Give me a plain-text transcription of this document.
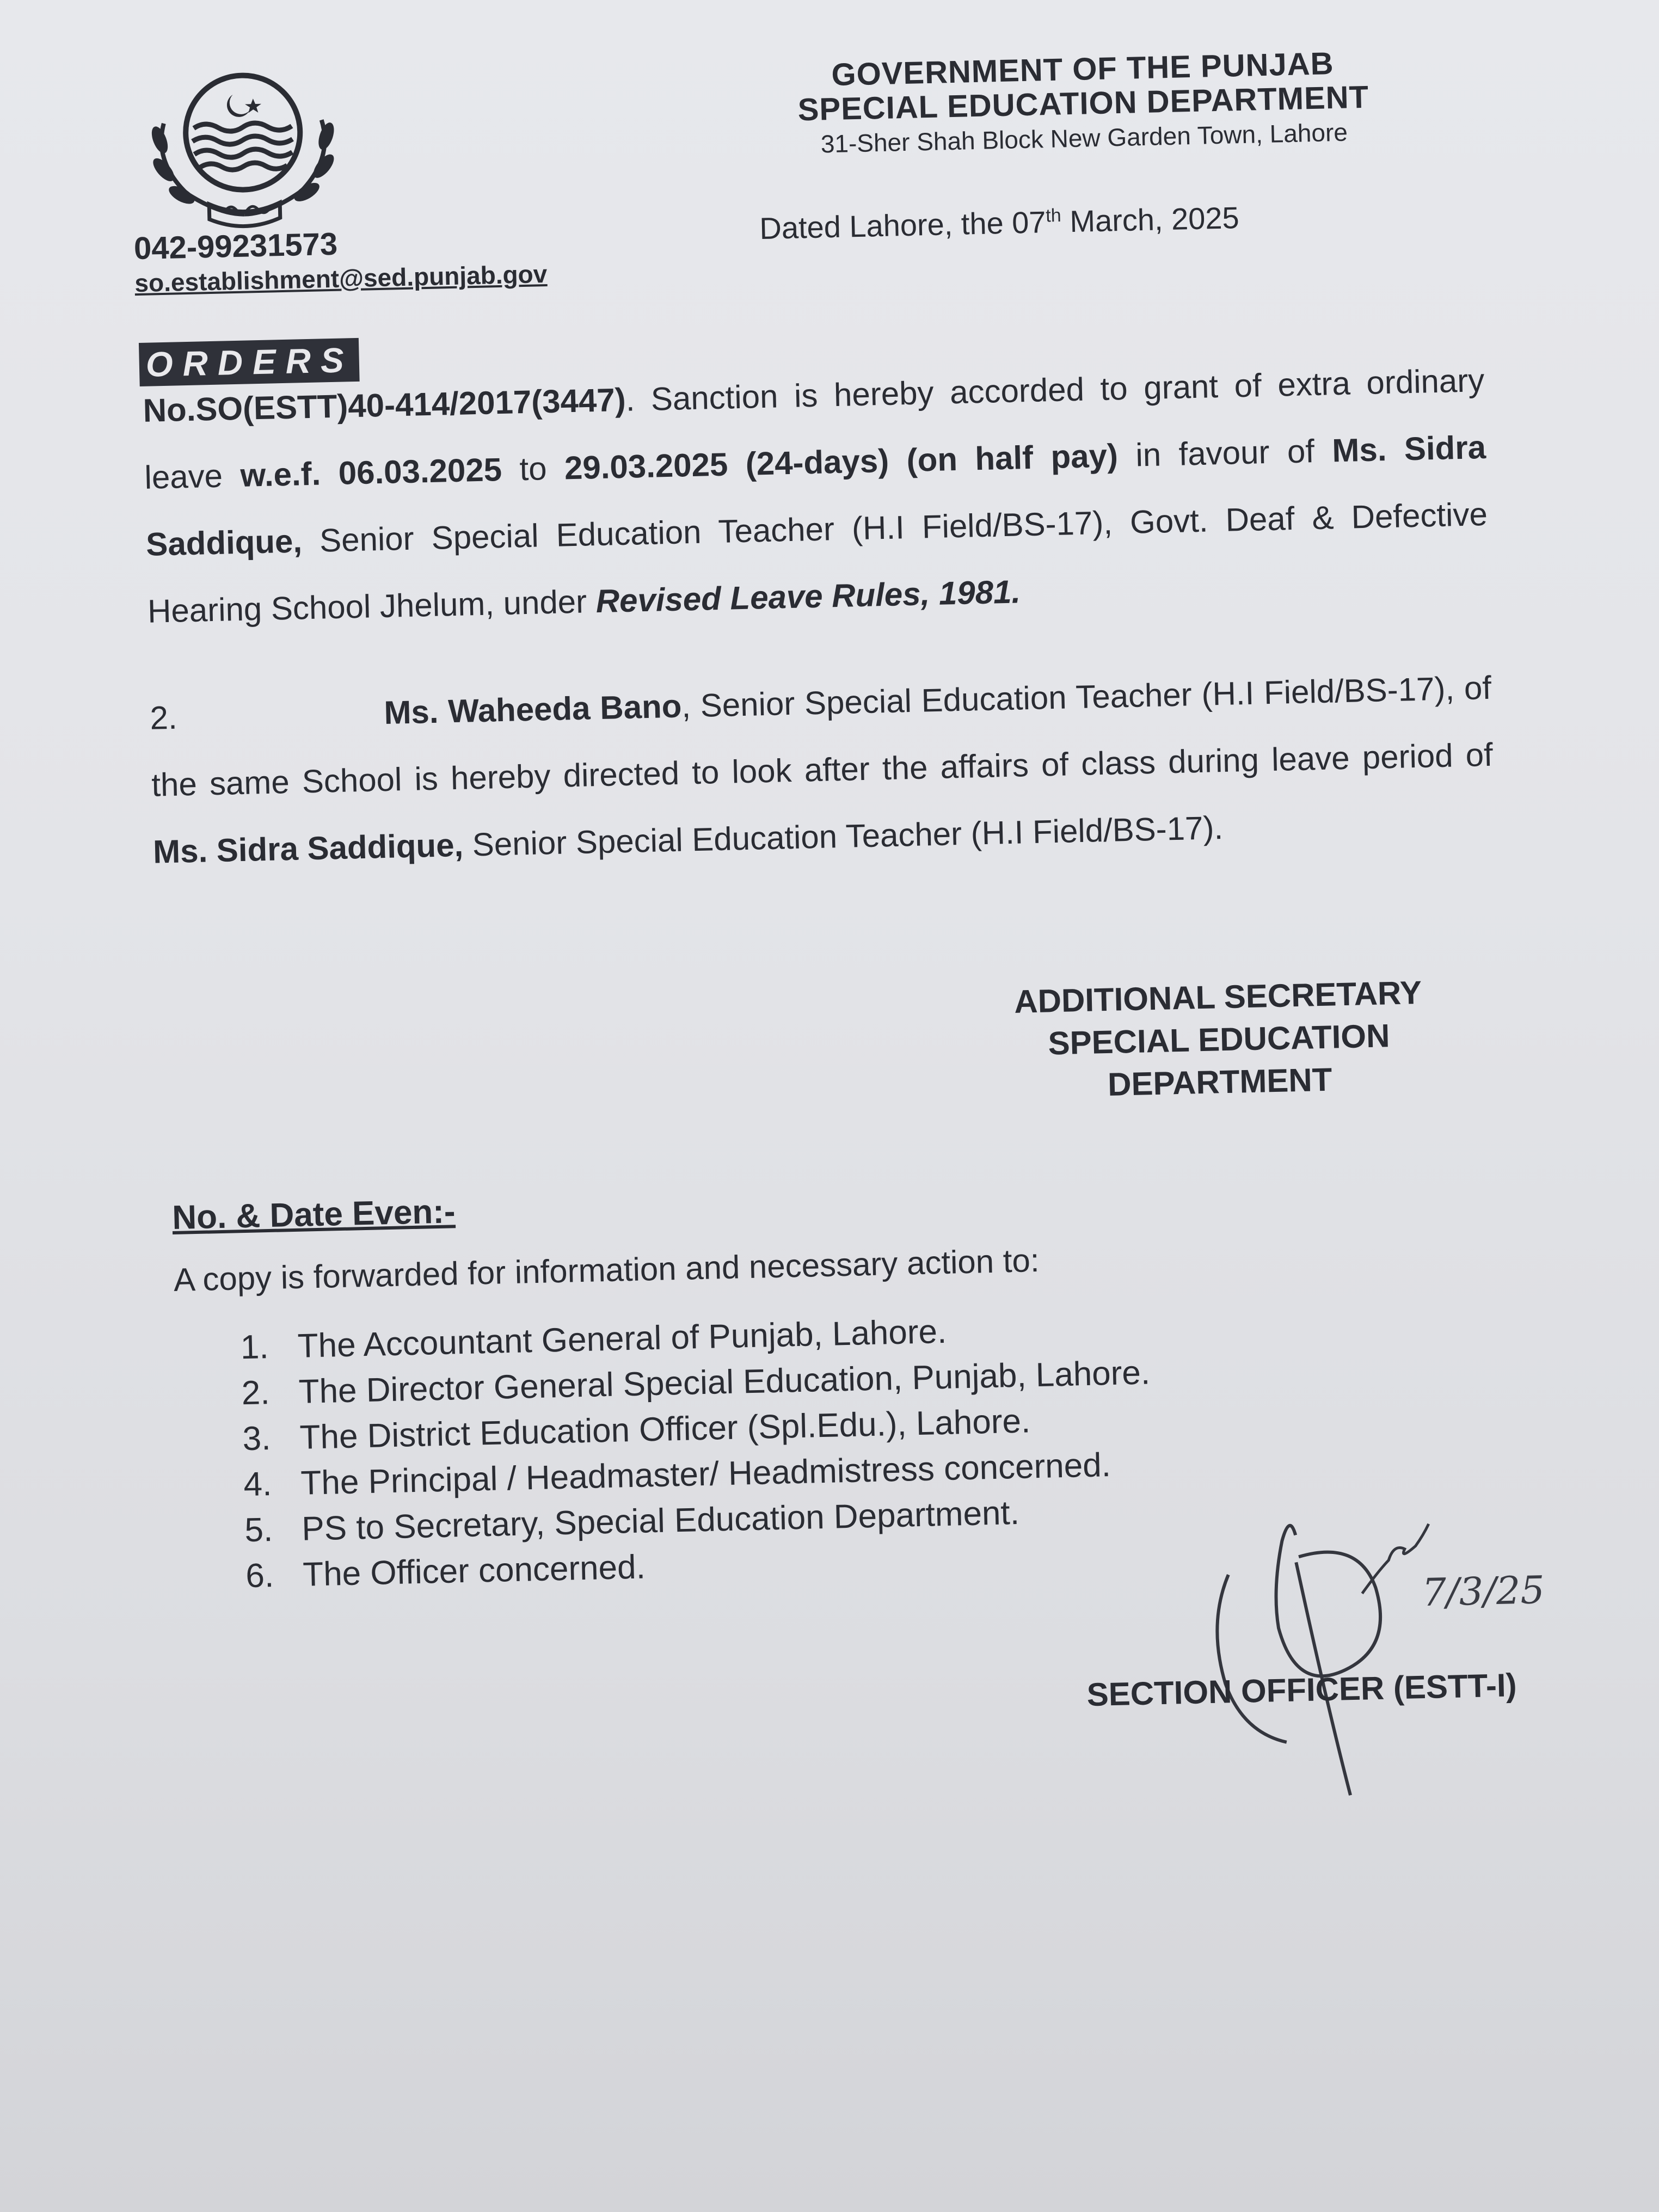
GOVERNMENT OF THE PUNJAB
SPECIAL EDUCATION DEPARTMENT
31-Sher Shah Block New Garden Town, Lahore
042-99231573
so.establishment@sed.punjab.gov
Dated Lahore, the 07th March, 2025
ORDERS
No.SO(ESTT)40-414/2017(3447). Sanction is hereby accorded to grant of extra ordinary leave w.e.f. 06.03.2025 to 29.03.2025 (24-days) (on half pay) in favour of Ms. Sidra Saddique, Senior Special Education Teacher (H.I Field/BS-17), Govt. Deaf & Defective Hearing School Jhelum, under Revised Leave Rules, 1981.
2.	Ms. Waheeda Bano, Senior Special Education Teacher (H.I Field/BS-17), of the same School is hereby directed to look after the affairs of class during leave period of Ms. Sidra Saddique, Senior Special Education Teacher (H.I Field/BS-17).
ADDITIONAL SECRETARY
SPECIAL EDUCATION
DEPARTMENT
No. & Date Even:-
A copy is forwarded for information and necessary action to:
1. The Accountant General of Punjab, Lahore.
2. The Director General Special Education, Punjab, Lahore.
3. The District Education Officer (Spl.Edu.), Lahore.
4. The Principal / Headmaster/ Headmistress concerned.
5. PS to Secretary, Special Education Department.
6. The Officer concerned.	7/3/25
SECTION OFFICER (ESTT-I)
